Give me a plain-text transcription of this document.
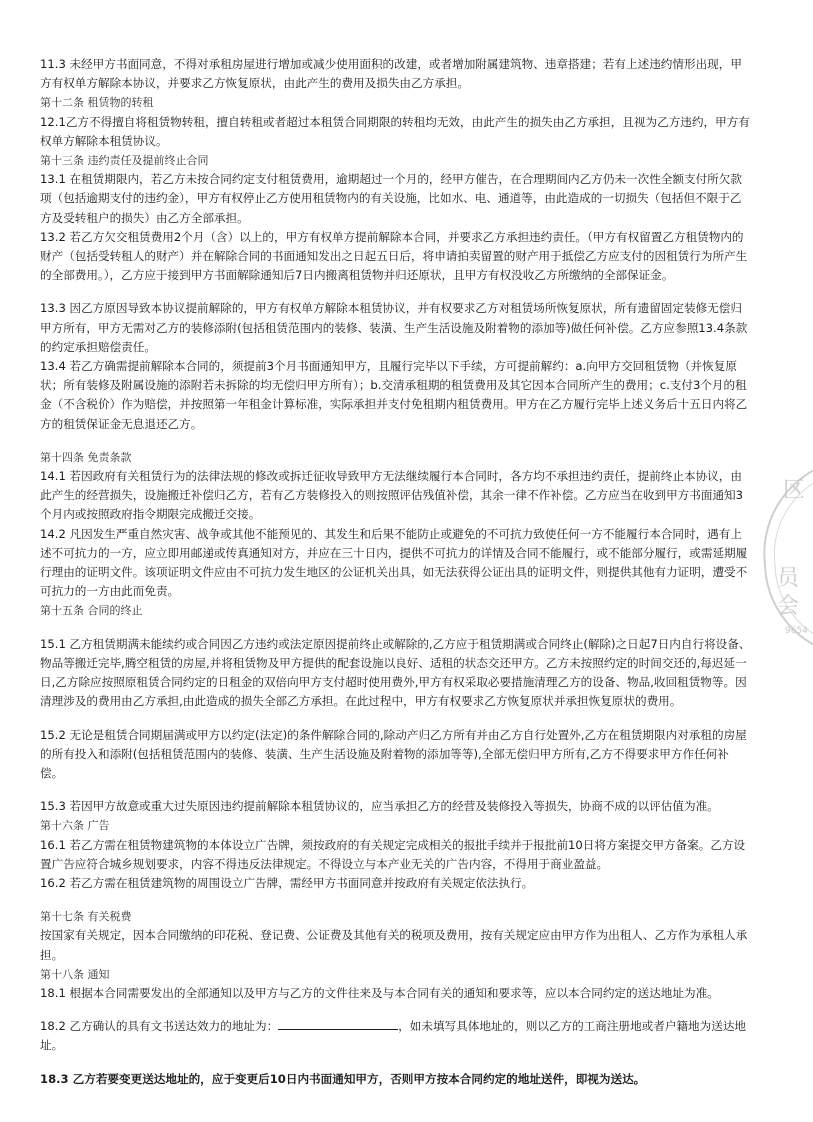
11.3 未经甲方书面同意，不得对承租房屋进行增加或减少使用面积的改建，或者增加附属建筑物、违章搭建；若有上述违约情形出现，甲方有权单方解除本协议，并要求乙方恢复原状，由此产生的费用及损失由乙方承担。

第十二条 租赁物的转租

12.1乙方不得擅自将租赁物转租，擅自转租或者超过本租赁合同期限的转租均无效，由此产生的损失由乙方承担，且视为乙方违约，甲方有权单方解除本租赁协议。

第十三条 违约责任及提前终止合同

13.1 在租赁期限内，若乙方未按合同约定支付租赁费用，逾期超过一个月的，经甲方催告，在合理期间内乙方仍未一次性全额支付所欠款项（包括逾期支付的违约金），甲方有权停止乙方使用租赁物内的有关设施，比如水、电、通道等，由此造成的一切损失（包括但不限于乙方及受转租户的损失）由乙方全部承担。

13.2 若乙方欠交租赁费用2个月（含）以上的，甲方有权单方提前解除本合同，并要求乙方承担违约责任。（甲方有权留置乙方租赁物内的财产（包括受转租人的财产）并在解除合同的书面通知发出之日起五日后，将申请拍卖留置的财产用于抵偿乙方应支付的因租赁行为所产生的全部费用。），乙方应于接到甲方书面解除通知后7日内搬离租赁物并归还原状，且甲方有权没收乙方所缴纳的全部保证金。

13.3 因乙方原因导致本协议提前解除的，甲方有权单方解除本租赁协议，并有权要求乙方对租赁场所恢复原状，所有遗留固定装修无偿归甲方所有，甲方无需对乙方的装修添附(包括租赁范围内的装修、装潢、生产生活设施及附着物的添加等)做任何补偿。乙方应参照13.4条款的约定承担赔偿责任。

13.4 若乙方确需提前解除本合同的，须提前3个月书面通知甲方，且履行完毕以下手续，方可提前解约：a.向甲方交回租赁物（并恢复原状；所有装修及附属设施的添附若未拆除的均无偿归甲方所有）；b.交清承租期的租赁费用及其它因本合同所产生的费用；c.支付3个月的租金（不含税价）作为赔偿，并按照第一年租金计算标准，实际承担并支付免租期内租赁费用。甲方在乙方履行完毕上述义务后十五日内将乙方的租赁保证金无息退还乙方。

第十四条 免责条款

14.1 若因政府有关租赁行为的法律法规的修改或拆迁征收导致甲方无法继续履行本合同时，各方均不承担违约责任，提前终止本协议，由此产生的经营损失，设施搬迁补偿归乙方，若有乙方装修投入的则按照评估残值补偿，其余一律不作补偿。乙方应当在收到甲方书面通知3个月内或按照政府指令期限完成搬迁交接。

14.2 凡因发生严重自然灾害、战争或其他不能预见的、其发生和后果不能防止或避免的不可抗力致使任何一方不能履行本合同时，遇有上述不可抗力的一方，应立即用邮递或传真通知对方，并应在三十日内，提供不可抗力的详情及合同不能履行，或不能部分履行，或需延期履行理由的证明文件。该项证明文件应由不可抗力发生地区的公证机关出具，如无法获得公证出具的证明文件，则提供其他有力证明，遭受不可抗力的一方由此而免责。

第十五条 合同的终止

15.1 乙方租赁期满未能续约或合同因乙方违约或法定原因提前终止或解除的,乙方应于租赁期满或合同终止(解除)之日起7日内自行将设备、物品等搬迁完毕,腾空租赁的房屋,并将租赁物及甲方提供的配套设施以良好、适租的状态交还甲方。乙方未按照约定的时间交还的,每迟延一日,乙方除应按照原租赁合同约定的日租金的双倍向甲方支付超时使用费外,甲方有权采取必要措施清理乙方的设备、物品,收回租赁物等。因清理涉及的费用由乙方承担,由此造成的损失全部乙方承担。在此过程中，甲方有权要求乙方恢复原状并承担恢复原状的费用。

15.2 无论是租赁合同期届满或甲方以约定(法定)的条件解除合同的,除动产归乙方所有并由乙方自行处置外,乙方在租赁期限内对承租的房屋的所有投入和添附(包括租赁范围内的装修、装潢、生产生活设施及附着物的添加等等),全部无偿归甲方所有,乙方不得要求甲方作任何补偿。

15.3 若因甲方故意或重大过失原因违约提前解除本租赁协议的，应当承担乙方的经营及装修投入等损失，协商不成的以评估值为准。

第十六条 广告

16.1 若乙方需在租赁物建筑物的本体设立广告牌，须按政府的有关规定完成相关的报批手续并于报批前10日将方案提交甲方备案。乙方设置广告应符合城乡规划要求，内容不得违反法律规定。不得设立与本产业无关的广告内容，不得用于商业盈益。

16.2 若乙方需在租赁建筑物的周围设立广告牌，需经甲方书面同意并按政府有关规定依法执行。

第十七条 有关税费

按国家有关规定，因本合同缴纳的印花税、登记费、公证费及其他有关的税项及费用，按有关规定应由甲方作为出租人、乙方作为承租人承担。

第十八条 通知

18.1 根据本合同需要发出的全部通知以及甲方与乙方的文件往来及与本合同有关的通知和要求等，应以本合同约定的送达地址为准。

18.2 乙方确认的具有文书送达效力的地址为：	，如未填写具体地址的，则以乙方的工商注册地或者户籍地为送达地址。

18.3 乙方若要变更送达地址的，应于变更后10日内书面通知甲方，否则甲方按本合同约定的地址送件，即视为送达。

区
员
会
9654
